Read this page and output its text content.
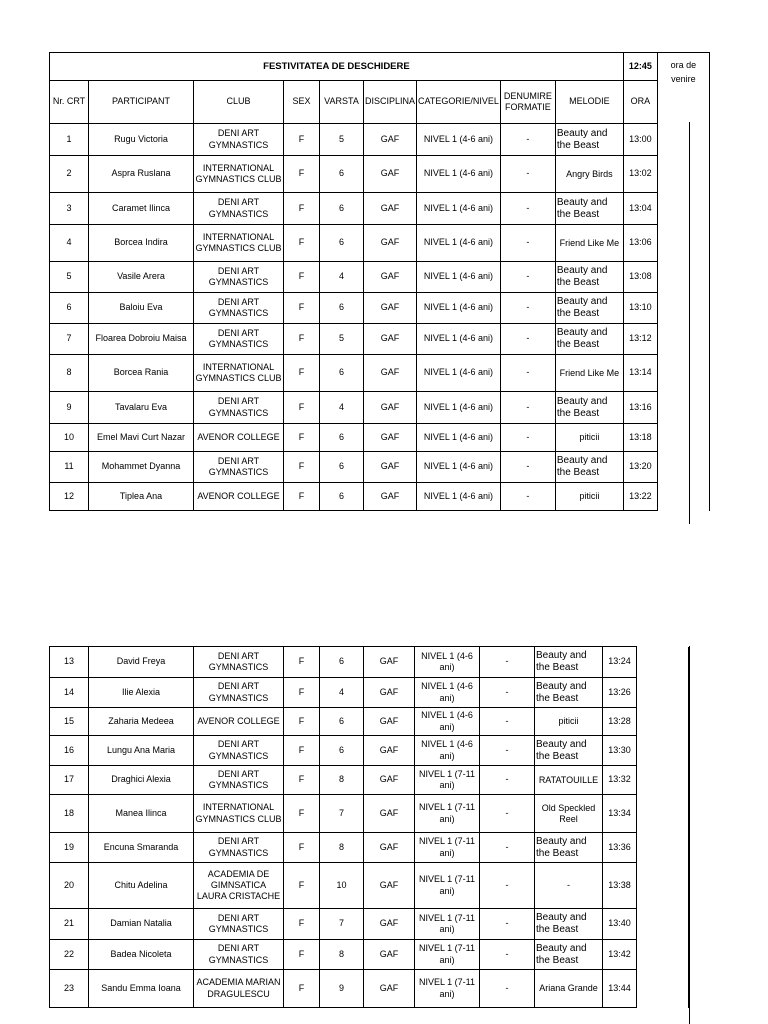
FESTIVITATEA DE DESCHIDERE									12:45	ora de venire
Nr. CRT	PARTICIPANT	CLUB	SEX	VARSTA	DISCIPLINA	CATEGORIE/NIVEL	DENUMIRE FORMATIE	MELODIE	ORA	
1	Rugu Victoria	DENI ART GYMNASTICS	F	5	GAF	NIVEL 1 (4-6 ani)	-	Beauty and the Beast	13:00	
2	Aspra Ruslana	INTERNATIONAL GYMNASTICS CLUB	F	6	GAF	NIVEL 1 (4-6 ani)	-	Angry Birds	13:02	
3	Caramet Ilinca	DENI ART GYMNASTICS	F	6	GAF	NIVEL 1 (4-6 ani)	-	Beauty and the Beast	13:04	
4	Borcea Indira	INTERNATIONAL GYMNASTICS CLUB	F	6	GAF	NIVEL 1 (4-6 ani)	-	Friend Like Me	13:06	
5	Vasile Arera	DENI ART GYMNASTICS	F	4	GAF	NIVEL 1 (4-6 ani)	-	Beauty and the Beast	13:08	
6	Baloiu Eva	DENI ART GYMNASTICS	F	6	GAF	NIVEL 1 (4-6 ani)	-	Beauty and the Beast	13:10	
7	Floarea Dobroiu Maisa	DENI ART GYMNASTICS	F	5	GAF	NIVEL 1 (4-6 ani)	-	Beauty and the Beast	13:12	
8	Borcea Rania	INTERNATIONAL GYMNASTICS CLUB	F	6	GAF	NIVEL 1 (4-6 ani)	-	Friend Like Me	13:14	
9	Tavalaru Eva	DENI ART GYMNASTICS	F	4	GAF	NIVEL 1 (4-6 ani)	-	Beauty and the Beast	13:16	
10	Emel Mavi Curt Nazar	AVENOR COLLEGE	F	6	GAF	NIVEL 1 (4-6 ani)	-	piticii	13:18	
11	Mohammet Dyanna	DENI ART GYMNASTICS	F	6	GAF	NIVEL 1 (4-6 ani)	-	Beauty and the Beast	13:20	
12	Tiplea Ana	AVENOR COLLEGE	F	6	GAF	NIVEL 1 (4-6 ani)	-	piticii	13:22	
13	David Freya	DENI ART GYMNASTICS	F	6	GAF	NIVEL 1 (4-6 ani)	-	Beauty and the Beast	13:24	
14	Ilie Alexia	DENI ART GYMNASTICS	F	4	GAF	NIVEL 1 (4-6 ani)	-	Beauty and the Beast	13:26	
15	Zaharia Medeea	AVENOR COLLEGE	F	6	GAF	NIVEL 1 (4-6 ani)	-	piticii	13:28	
16	Lungu Ana Maria	DENI ART GYMNASTICS	F	6	GAF	NIVEL 1 (4-6 ani)	-	Beauty and the Beast	13:30	
17	Draghici Alexia	DENI ART GYMNASTICS	F	8	GAF	NIVEL 1 (7-11 ani)	-	RATATOUILLE	13:32	
18	Manea Ilinca	INTERNATIONAL GYMNASTICS CLUB	F	7	GAF	NIVEL 1 (7-11 ani)	-	Old Speckled Reel	13:34	
19	Encuna Smaranda	DENI ART GYMNASTICS	F	8	GAF	NIVEL 1 (7-11 ani)	-	Beauty and the Beast	13:36	
20	Chitu Adelina	ACADEMIA DE GIMNSATICA LAURA CRISTACHE	F	10	GAF	NIVEL 1 (7-11 ani)	-	-	13:38	
21	Damian Natalia	DENI ART GYMNASTICS	F	7	GAF	NIVEL 1 (7-11 ani)	-	Beauty and the Beast	13:40	
22	Badea Nicoleta	DENI ART GYMNASTICS	F	8	GAF	NIVEL 1 (7-11 ani)	-	Beauty and the Beast	13:42	
23	Sandu Emma Ioana	ACADEMIA MARIAN DRAGULESCU	F	9	GAF	NIVEL 1 (7-11 ani)	-	Ariana Grande	13:44	
